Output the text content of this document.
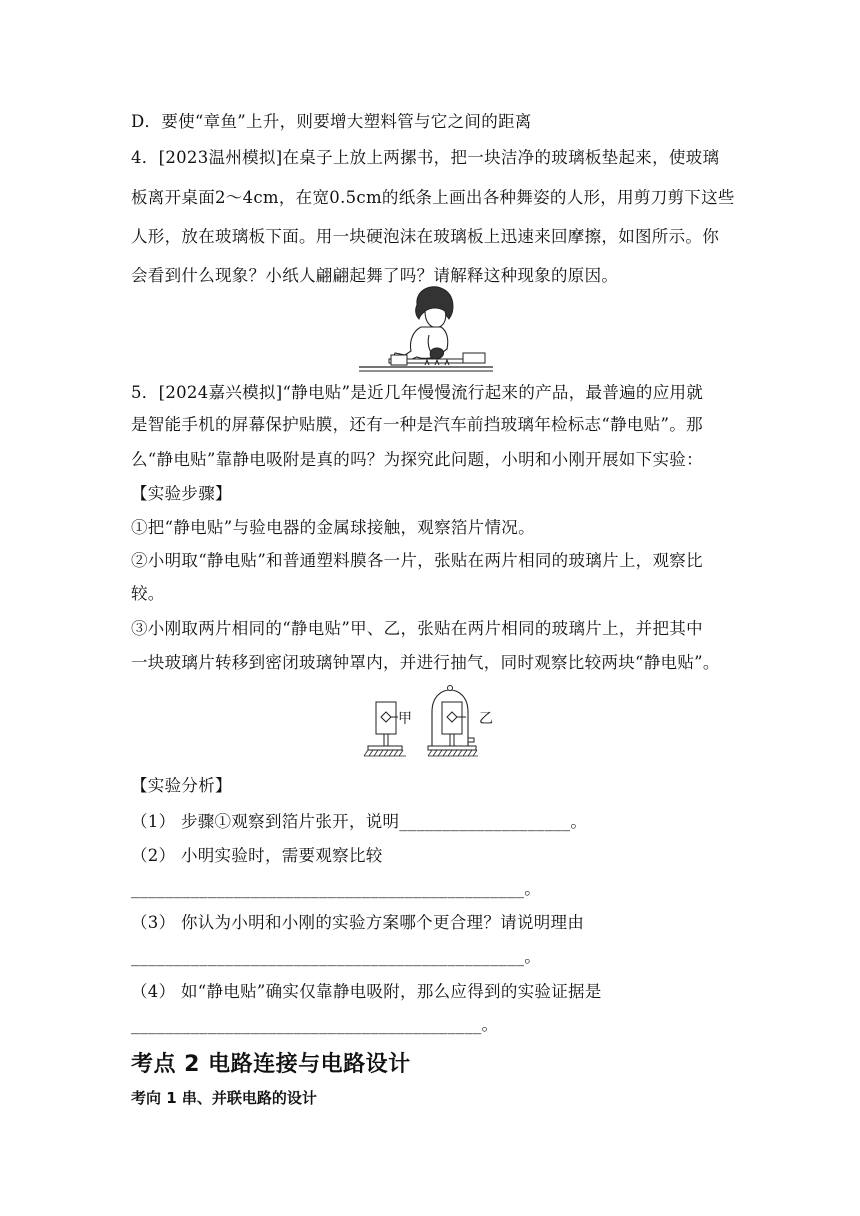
D．要使“章鱼”上升，则要增大塑料管与它之间的距离
4．[2023温州模拟]在桌子上放上两摞书，把一块洁净的玻璃板垫起来，使玻璃
板离开桌面2～4cm，在宽0.5cm的纸条上画出各种舞姿的人形，用剪刀剪下这些
人形，放在玻璃板下面。用一块硬泡沫在玻璃板上迅速来回摩擦，如图所示。你
会看到什么现象？小纸人翩翩起舞了吗？请解释这种现象的原因。
5．[2024嘉兴模拟]“静电贴”是近几年慢慢流行起来的产品，最普遍的应用就
是智能手机的屏幕保护贴膜，还有一种是汽车前挡玻璃年检标志“静电贴”。那
么“静电贴”靠静电吸附是真的吗？为探究此问题，小明和小刚开展如下实验：
【实验步骤】
①把“静电贴”与验电器的金属球接触，观察箔片情况。
②小明取“静电贴”和普通塑料膜各一片，张贴在两片相同的玻璃片上，观察比
较。
③小刚取两片相同的“静电贴”甲、乙，张贴在两片相同的玻璃片上，并把其中
一块玻璃片转移到密闭玻璃钟罩内，并进行抽气，同时观察比较两块“静电贴”。
甲	乙
【实验分析】
（1） 步骤①观察到箔片张开，说明____________________。
（2） 小明实验时，需要观察比较
______________________________________________。
（3） 你认为小明和小刚的实验方案哪个更合理？请说明理由
______________________________________________。
（4） 如“静电贴”确实仅靠静电吸附，那么应得到的实验证据是
_________________________________________。
考点 2 电路连接与电路设计
考向 1 串、并联电路的设计
